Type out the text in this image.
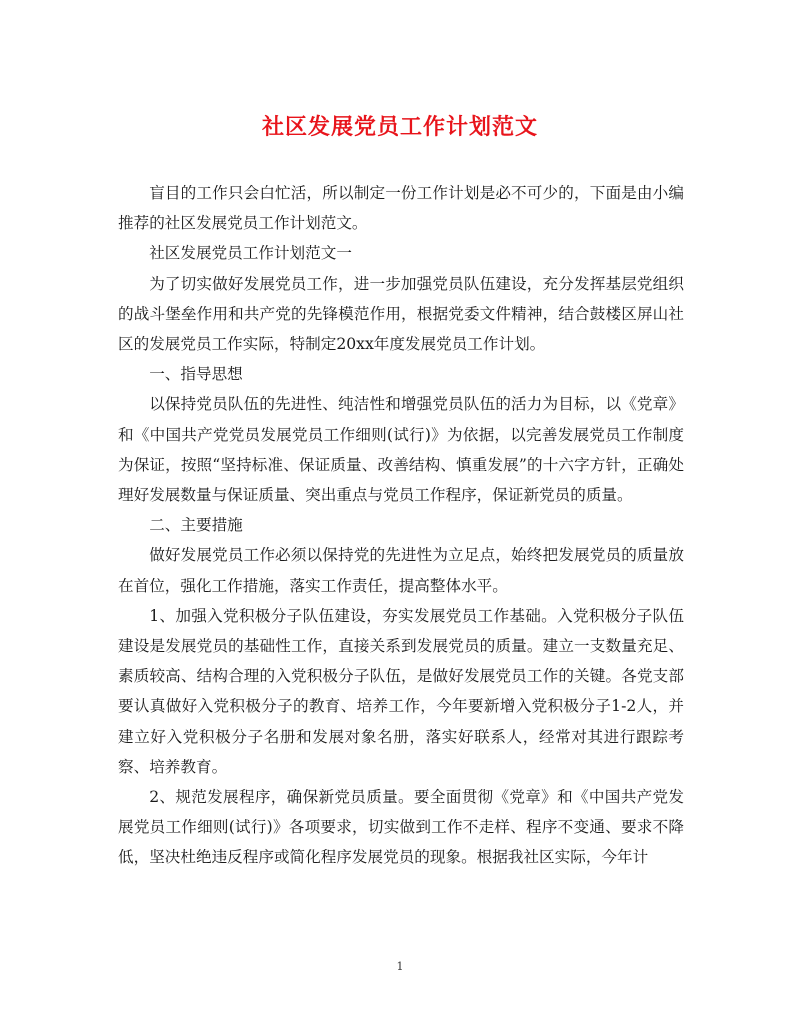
社区发展党员工作计划范文

盲目的工作只会白忙活，所以制定一份工作计划是必不可少的，下面是由小编推荐的社区发展党员工作计划范文。

社区发展党员工作计划范文一

为了切实做好发展党员工作，进一步加强党员队伍建设，充分发挥基层党组织的战斗堡垒作用和共产党的先锋模范作用，根据党委文件精神，结合鼓楼区屏山社区的发展党员工作实际，特制定20xx年度发展党员工作计划。

一、指导思想

以保持党员队伍的先进性、纯洁性和增强党员队伍的活力为目标，以《党章》和《中国共产党党员发展党员工作细则(试行)》为依据，以完善发展党员工作制度为保证，按照“坚持标准、保证质量、改善结构、慎重发展”的十六字方针，正确处理好发展数量与保证质量、突出重点与党员工作程序，保证新党员的质量。

二、主要措施

做好发展党员工作必须以保持党的先进性为立足点，始终把发展党员的质量放在首位，强化工作措施，落实工作责任，提高整体水平。

1、加强入党积极分子队伍建设，夯实发展党员工作基础。入党积极分子队伍建设是发展党员的基础性工作，直接关系到发展党员的质量。建立一支数量充足、素质较高、结构合理的入党积极分子队伍，是做好发展党员工作的关键。各党支部要认真做好入党积极分子的教育、培养工作，今年要新增入党积极分子1-2人，并建立好入党积极分子名册和发展对象名册，落实好联系人，经常对其进行跟踪考察、培养教育。

2、规范发展程序，确保新党员质量。要全面贯彻《党章》和《中国共产党发展党员工作细则(试行)》各项要求，切实做到工作不走样、程序不变通、要求不降低，坚决杜绝违反程序或简化程序发展党员的现象。根据我社区实际，今年计

1
